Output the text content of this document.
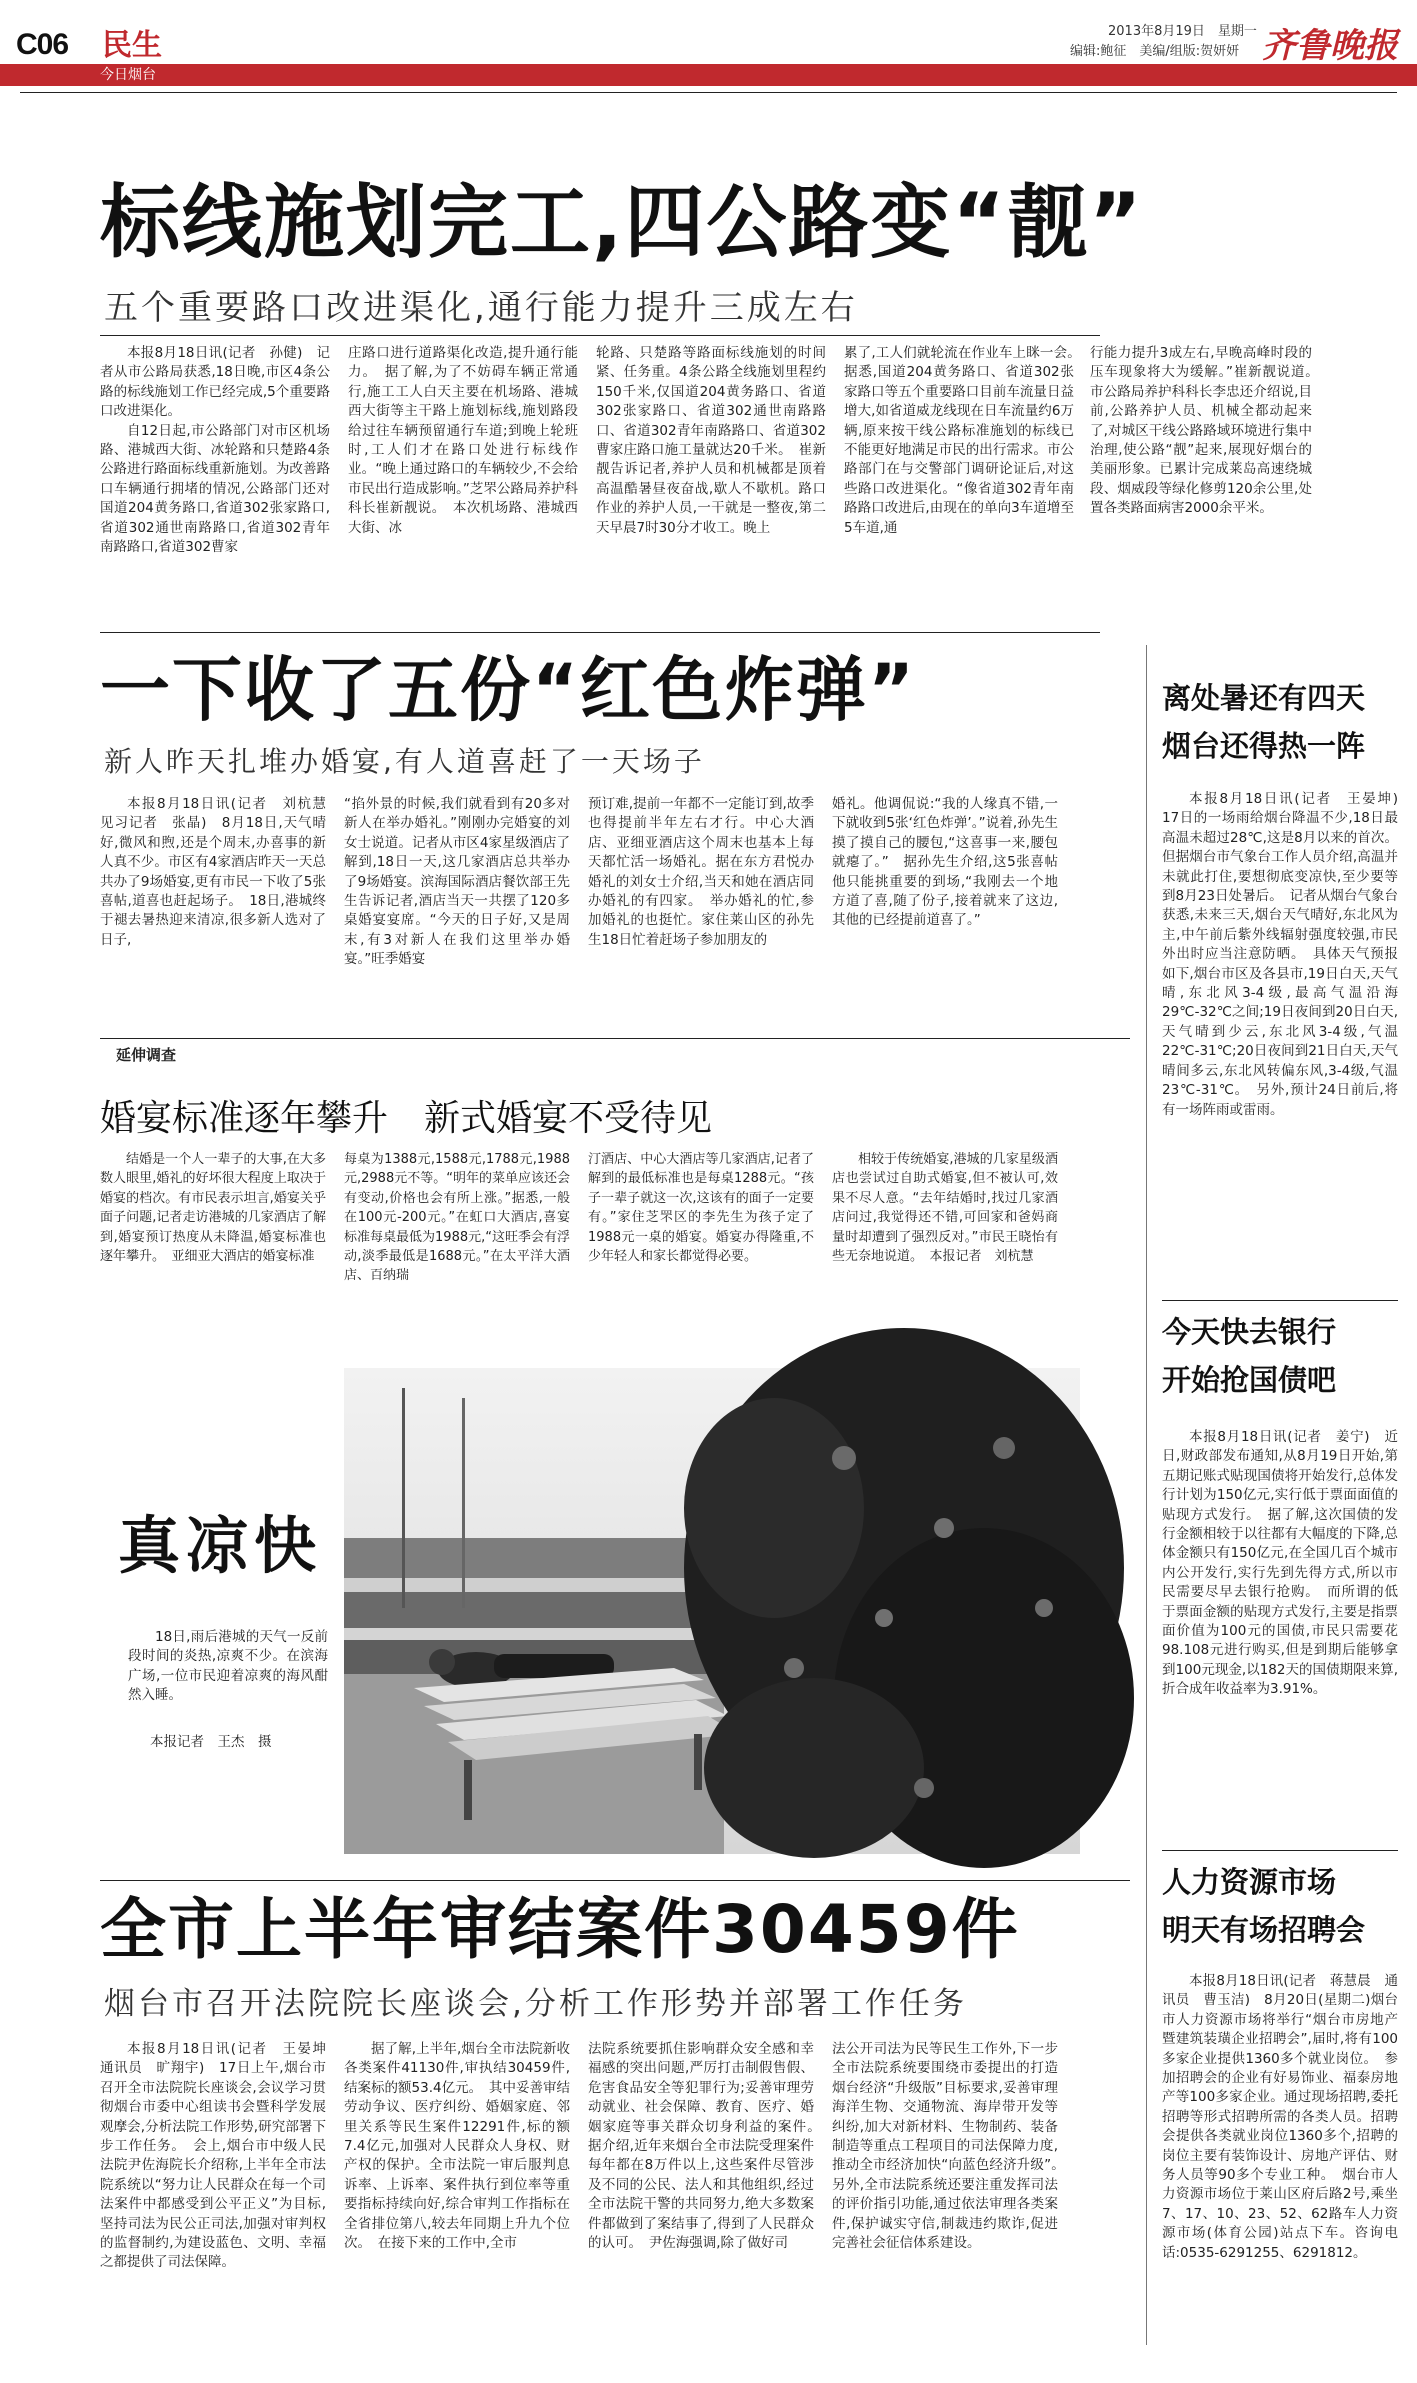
C06 民生
今日烟台
2013年8月19日　星期一
编辑:鲍征　美编/组版:贺妍妍 齐鲁晚报
标线施划完工,四公路变“靓”
五个重要路口改进渠化,通行能力提升三成左右

本报8月18日讯(记者　孙健)　记者从市公路局获悉,18日晚,市区4条公路的标线施划工作已经完成,5个重要路口改进渠化。

自12日起,市公路部门对市区机场路、港城西大街、冰轮路和只楚路4条公路进行路面标线重新施划。为改善路口车辆通行拥堵的情况,公路部门还对国道204黄务路口,省道302张家路口,省道302通世南路路口,省道302青年南路路口,省道302曹家

庄路口进行道路渠化改造,提升通行能力。　据了解,为了不妨碍车辆正常通行,施工工人白天主要在机场路、港城西大街等主干路上施划标线,施划路段给过往车辆预留通行车道;到晚上轮班时,工人们才在路口处进行标线作业。“晚上通过路口的车辆较少,不会给市民出行造成影响。”芝罘公路局养护科科长崔新靓说。　本次机场路、港城西大街、冰

轮路、只楚路等路面标线施划的时间紧、任务重。4条公路全线施划里程约150千米,仅国道204黄务路口、省道302张家路口、省道302通世南路路口、省道302青年南路路口、省道302曹家庄路口施工量就达20千米。　崔新靓告诉记者,养护人员和机械都是顶着高温酷暑昼夜奋战,歇人不歇机。路口作业的养护人员,一干就是一整夜,第二天早晨7时30分才收工。晚上

累了,工人们就轮流在作业车上眯一会。　据悉,国道204黄务路口、省道302张家路口等五个重要路口目前车流量日益增大,如省道威龙线现在日车流量约6万辆,原来按干线公路标准施划的标线已不能更好地满足市民的出行需求。市公路部门在与交警部门调研论证后,对这些路口改进渠化。“像省道302青年南路路口改进后,由现在的单向3车道增至5车道,通

行能力提升3成左右,早晚高峰时段的压车现象将大为缓解。”崔新靓说道。　市公路局养护科科长李忠还介绍说,目前,公路养护人员、机械全都动起来了,对城区干线公路路域环境进行集中治理,使公路“靓”起来,展现好烟台的美丽形象。已累计完成莱岛高速绕城段、烟威段等绿化修剪120余公里,处置各类路面病害2000余平米。

一下收了五份“红色炸弹”
新人昨天扎堆办婚宴,有人道喜赶了一天场子

本报8月18日讯(记者　刘杭慧　见习记者　张晶)　8月18日,天气晴好,微风和煦,还是个周末,办喜事的新人真不少。市区有4家酒店昨天一天总共办了9场婚宴,更有市民一下收了5张喜帖,道喜也赶起场子。　18日,港城终于褪去暑热迎来清凉,很多新人选对了日子,

“掐外景的时候,我们就看到有20多对新人在举办婚礼。”刚刚办完婚宴的刘女士说道。记者从市区4家星级酒店了解到,18日一天,这几家酒店总共举办了9场婚宴。滨海国际酒店餐饮部王先生告诉记者,酒店当天一共摆了120多桌婚宴宴席。“今天的日子好,又是周末,有3对新人在我们这里举办婚宴。”旺季婚宴

预订难,提前一年都不一定能订到,故季也得提前半年左右才行。中心大酒店、亚细亚酒店这个周末也基本上每天都忙活一场婚礼。据在东方君悦办婚礼的刘女士介绍,当天和她在酒店同办婚礼的有四家。　举办婚礼的忙,参加婚礼的也挺忙。家住莱山区的孙先生18日忙着赶场子参加朋友的

婚礼。他调侃说:“我的人缘真不错,一下就收到5张‘红色炸弹’。”说着,孙先生摸了摸自己的腰包,“这喜事一来,腰包就瘪了。”　据孙先生介绍,这5张喜帖他只能挑重要的到场,“我刚去一个地方道了喜,随了份子,接着就来了这边,其他的已经提前道喜了。”

离处暑还有四天
烟台还得热一阵

本报8月18日讯(记者　王晏坤)　17日的一场雨给烟台降温不少,18日最高温未超过28℃,这是8月以来的首次。但据烟台市气象台工作人员介绍,高温并未就此打住,要想彻底变凉快,至少要等到8月23日处暑后。　记者从烟台气象台获悉,未来三天,烟台天气晴好,东北风为主,中午前后紫外线辐射强度较强,市民外出时应当注意防晒。　具体天气预报如下,烟台市区及各县市,19日白天,天气晴,东北风3-4级,最高气温沿海29℃-32℃之间;19日夜间到20日白天,天气晴到少云,东北风3-4级,气温22℃-31℃;20日夜间到21日白天,天气晴间多云,东北风转偏东风,3-4级,气温23℃-31℃。　另外,预计24日前后,将有一场阵雨或雷雨。

延伸调查
婚宴标准逐年攀升　新式婚宴不受待见

结婚是一个人一辈子的大事,在大多数人眼里,婚礼的好坏很大程度上取决于婚宴的档次。有市民表示坦言,婚宴关乎面子问题,记者走访港城的几家酒店了解到,婚宴预订热度从未降温,婚宴标准也逐年攀升。　亚细亚大酒店的婚宴标准

每桌为1388元,1588元,1788元,1988元,2988元不等。“明年的菜单应该还会有变动,价格也会有所上涨。”据悉,一般在100元-200元。”在虹口大酒店,喜宴标准每桌最低为1988元,“这旺季会有浮动,淡季最低是1688元。”在太平洋大酒店、百纳瑞

汀酒店、中心大酒店等几家酒店,记者了解到的最低标准也是每桌1288元。“孩子一辈子就这一次,这该有的面子一定要有。”家住芝罘区的李先生为孩子定了1988元一桌的婚宴。婚宴办得隆重,不少年轻人和家长都觉得必要。

相较于传统婚宴,港城的几家星级酒店也尝试过自助式婚宴,但不被认可,效果不尽人意。“去年结婚时,找过几家酒店问过,我觉得还不错,可回家和爸妈商量时却遭到了强烈反对。”市民王晓怡有些无奈地说道。　本报记者　刘杭慧

今天快去银行
开始抢国债吧

本报8月18日讯(记者　姜宁)　近日,财政部发布通知,从8月19日开始,第五期记账式贴现国债将开始发行,总体发行计划为150亿元,实行低于票面面值的贴现方式发行。　据了解,这次国债的发行金额相较于以往都有大幅度的下降,总体金额只有150亿元,在全国几百个城市内公开发行,实行先到先得方式,所以市民需要尽早去银行抢购。　而所谓的低于票面金额的贴现方式发行,主要是指票面价值为100元的国债,市民只需要花98.108元进行购买,但是到期后能够拿到100元现金,以182天的国债期限来算,折合成年收益率为3.91%。

真凉快

18日,雨后港城的天气一反前段时间的炎热,凉爽不少。在滨海广场,一位市民迎着凉爽的海风酣然入睡。

本报记者　王杰　摄
全市上半年审结案件30459件
烟台市召开法院院长座谈会,分析工作形势并部署工作任务

本报8月18日讯(记者　王晏坤　通讯员　旷翔宇)　17日上午,烟台市召开全市法院院长座谈会,会议学习贯彻烟台市委中心组读书会暨科学发展观摩会,分析法院工作形势,研究部署下步工作任务。　会上,烟台市中级人民法院尹佐海院长介绍称,上半年全市法院系统以“努力让人民群众在每一个司法案件中都感受到公平正义”为目标,坚持司法为民公正司法,加强对审判权的监督制约,为建设蓝色、文明、幸福之都提供了司法保障。

据了解,上半年,烟台全市法院新收各类案件41130件,审执结30459件,结案标的额53.4亿元。　其中妥善审结劳动争议、医疗纠纷、婚姻家庭、邻里关系等民生案件12291件,标的额7.4亿元,加强对人民群众人身权、财产权的保护。全市法院一审后服判息诉率、上诉率、案件执行到位率等重要指标持续向好,综合审判工作指标在全省排位第八,较去年同期上升九个位次。　在接下来的工作中,全市

法院系统要抓住影响群众安全感和幸福感的突出问题,严厉打击制假售假、危害食品安全等犯罪行为;妥善审理劳动就业、社会保障、教育、医疗、婚姻家庭等事关群众切身利益的案件。　据介绍,近年来烟台全市法院受理案件每年都在8万件以上,这些案件尽管涉及不同的公民、法人和其他组织,经过全市法院干警的共同努力,绝大多数案件都做到了案结事了,得到了人民群众的认可。　尹佐海强调,除了做好司

法公开司法为民等民生工作外,下一步全市法院系统要围绕市委提出的打造烟台经济“升级版”目标要求,妥善审理海洋生物、交通物流、海岸带开发等纠纷,加大对新材料、生物制药、装备制造等重点工程项目的司法保障力度,推动全市经济加快“向蓝色经济升级”。　另外,全市法院系统还要注重发挥司法的评价指引功能,通过依法审理各类案件,保护诚实守信,制裁违约欺诈,促进完善社会征信体系建设。

人力资源市场
明天有场招聘会

本报8月18日讯(记者　蒋慧晨　通讯员　曹玉洁)　8月20日(星期二)烟台市人力资源市场将举行“烟台市房地产暨建筑装璜企业招聘会”,届时,将有100多家企业提供1360多个就业岗位。　参加招聘会的企业有好易饰业、福泰房地产等100多家企业。通过现场招聘,委托招聘等形式招聘所需的各类人员。招聘会提供各类就业岗位1360多个,招聘的岗位主要有装饰设计、房地产评估、财务人员等90多个专业工种。　烟台市人力资源市场位于莱山区府后路2号,乘坐7、17、10、23、52、62路车人力资源市场(体育公园)站点下车。咨询电话:0535-6291255、6291812。
